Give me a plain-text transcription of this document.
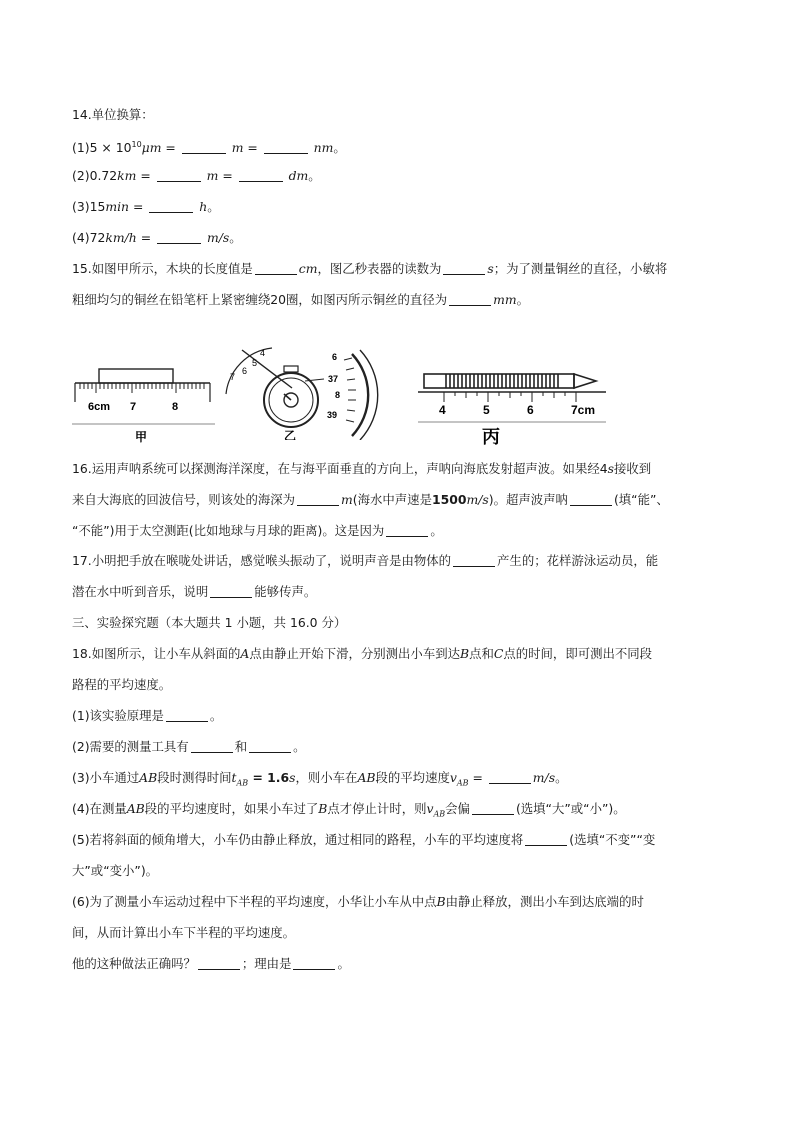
14.单位换算：
$(1)5 \times 10^{10}\mu m$ =	m =	nm。
(2)0.72km =	m =	dm。
(3)15min =	h。
(4)72km/h =	m/s。
15.如图甲所示，木块的长度值是	cm，图乙秒表器的读数为	s；为了测量铜丝的直径，小敏将
粗细均匀的铜丝在铅笔杆上紧密缠绕20圈，如图丙所示铜丝的直径为	mm。
6cm 7	8
甲
4
5
6
7
6
37
8
39
乙
4	5	6	7cm
丙
16.运用声呐系统可以探测海洋深度，在与海平面垂直的方向上，声呐向海底发射超声波。如果经4s接收到
来自大海底的回波信号，则该处的海深为	m(海水中声速是1500m/s)。超声波声呐	(填“能”、
“不能”)用于太空测距(比如地球与月球的距离)。这是因为	。
17.小明把手放在喉咙处讲话，感觉喉头振动了，说明声音是由物体的	产生的；花样游泳运动员，能
潜在水中听到音乐，说明	能够传声。
三、实验探究题（本大题共 1 小题，共 16.0 分）
18.如图所示，让小车从斜面的A点由静止开始下滑，分别测出小车到达B点和C点的时间，即可测出不同段
路程的平均速度。
(1)该实验原理是	。
(2)需要的测量工具有	和	。
(3)小车通过AB段时测得时间$t_{AB} = 1.6s$，则小车在AB段的平均速度$v_{AB}$ =	m/s。
(4)在测量AB段的平均速度时，如果小车过了B点才停止计时，则$v_{AB}$会偏	(选填“大”或“小”)。
(5)若将斜面的倾角增大，小车仍由静止释放，通过相同的路程，小车的平均速度将	(选填“不变”“变
大”或“变小”)。
(6)为了测量小车运动过程中下半程的平均速度，小华让小车从中点B由静止释放，测出小车到达底端的时
间，从而计算出小车下半程的平均速度。
他的这种做法正确吗？	；理由是	。
